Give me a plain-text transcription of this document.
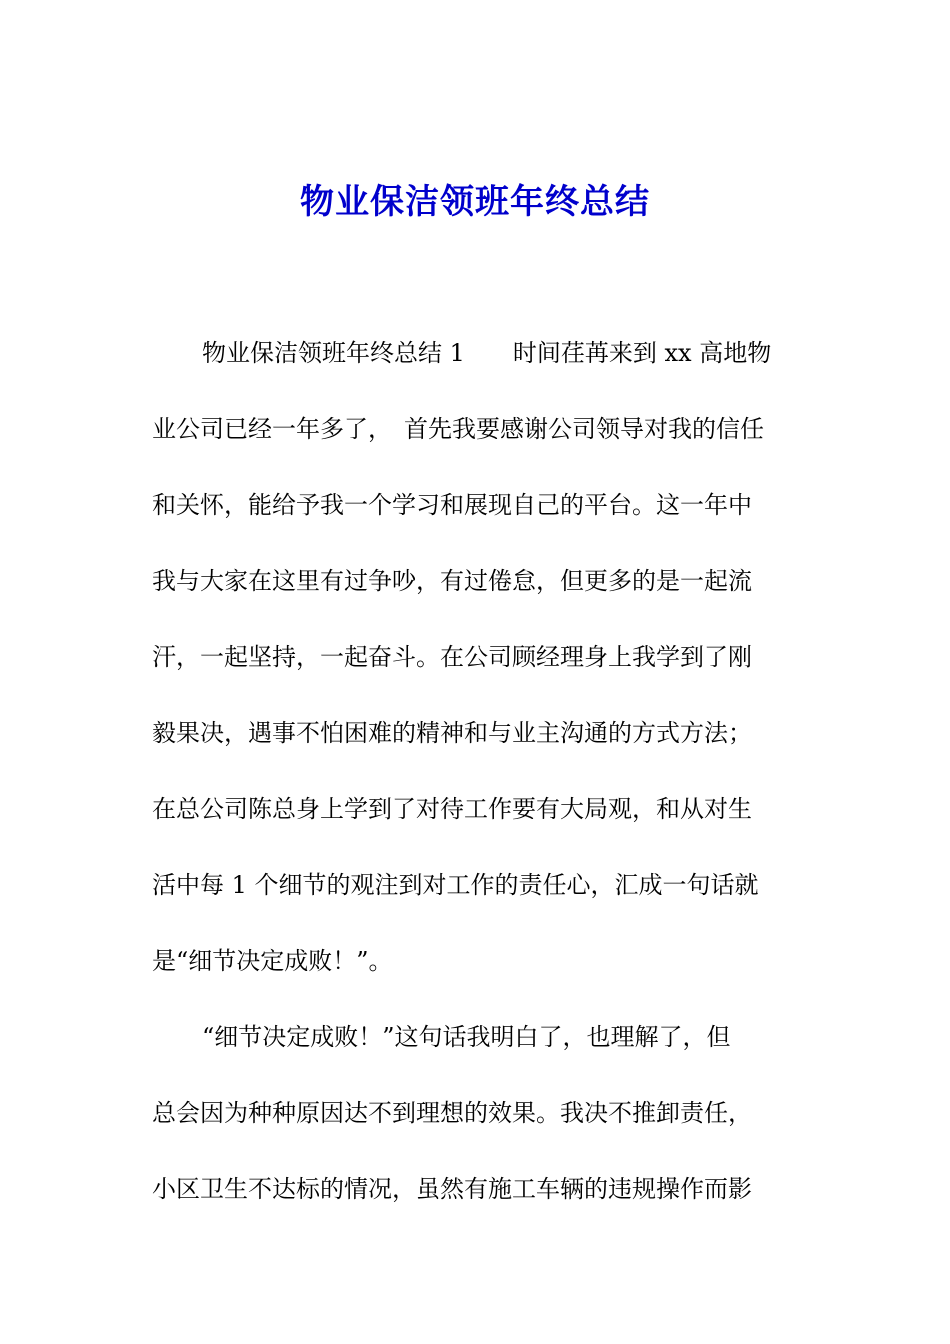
物业保洁领班年终总结
物业保洁领班年终总结 1　　时间荏苒来到 xx 高地物
业公司已经一年多了，　首先我要感谢公司领导对我的信任
和关怀，能给予我一个学习和展现自己的平台。这一年中
我与大家在这里有过争吵，有过倦怠，但更多的是一起流
汗，一起坚持，一起奋斗。在公司顾经理身上我学到了刚
毅果决，遇事不怕困难的精神和与业主沟通的方式方法；
在总公司陈总身上学到了对待工作要有大局观，和从对生
活中每 1 个细节的观注到对工作的责任心，汇成一句话就
是“细节决定成败！”。
“细节决定成败！”这句话我明白了，也理解了，但
总会因为种种原因达不到理想的效果。我决不推卸责任，
小区卫生不达标的情况，虽然有施工车辆的违规操作而影
